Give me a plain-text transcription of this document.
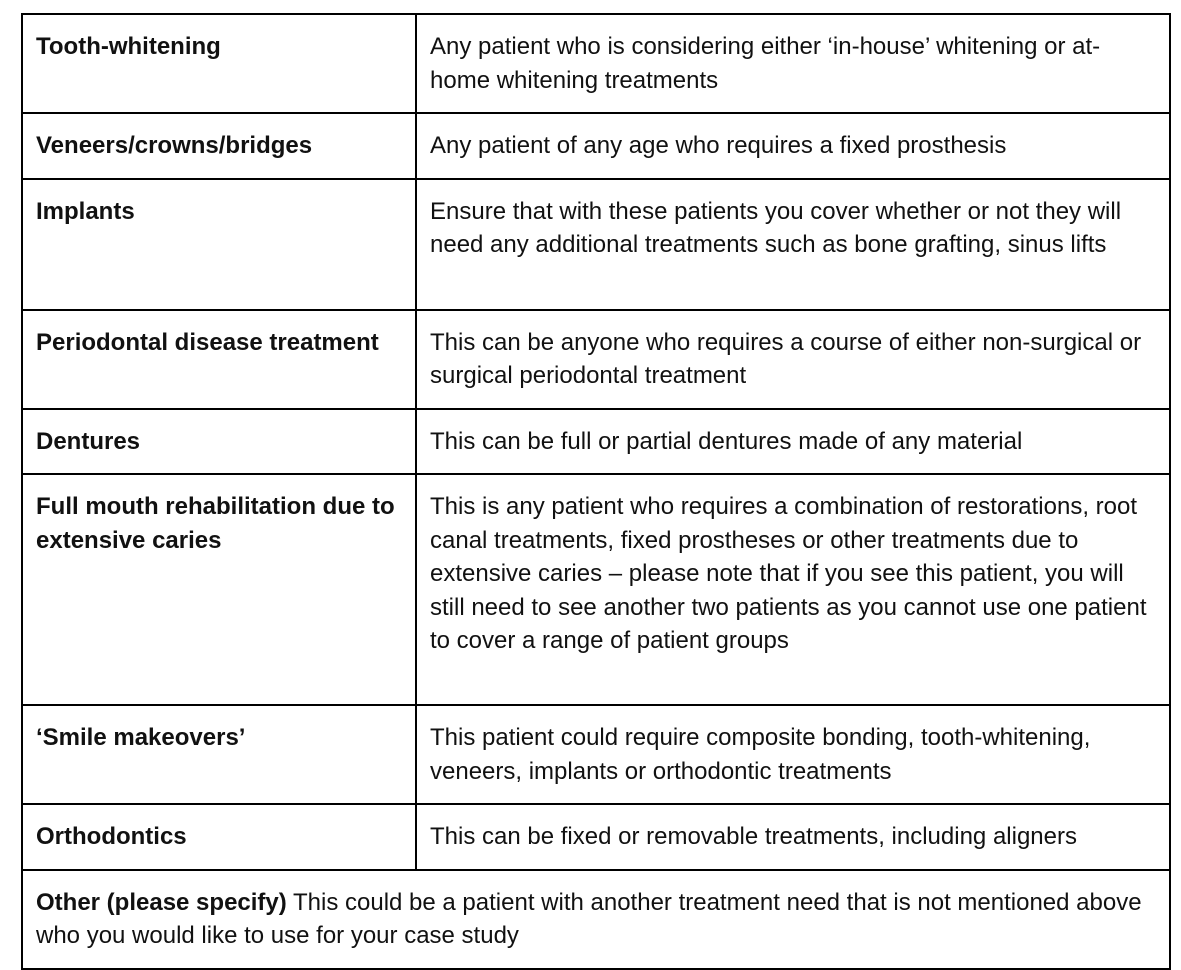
Tooth-whitening	Any patient who is considering either ‘in-house’ whitening or at-home whitening treatments
Veneers/crowns/bridges	Any patient of any age who requires a fixed prosthesis
Implants	Ensure that with these patients you cover whether or not they will need any additional treatments such as bone grafting, sinus lifts
Periodontal disease treatment	This can be anyone who requires a course of either non-surgical or surgical periodontal treatment
Dentures	This can be full or partial dentures made of any material
Full mouth rehabilitation due to extensive caries	This is any patient who requires a combination of restorations, root canal treatments, fixed prostheses or other treatments due to extensive caries – please note that if you see this patient, you will still need to see another two patients as you cannot use one patient to cover a range of patient groups
‘Smile makeovers’	This patient could require composite bonding, tooth-whitening, veneers, implants or orthodontic treatments
Orthodontics	This can be fixed or removable treatments, including aligners
Other (please specify) This could be a patient with another treatment need that is not mentioned above who you would like to use for your case study	
